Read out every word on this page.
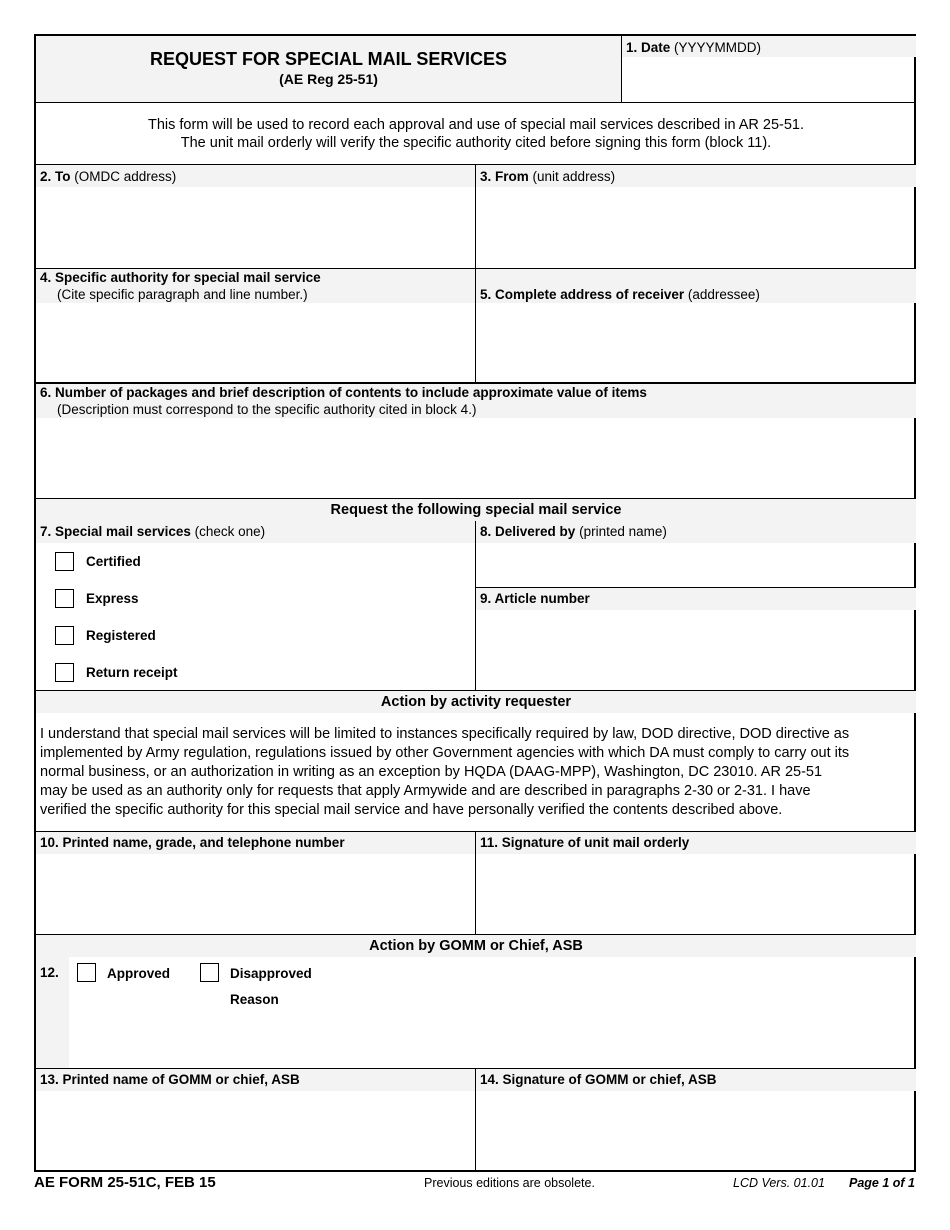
REQUEST FOR SPECIAL MAIL SERVICES
(AE Reg 25-51)
1. Date (YYYYMMDD)
This form will be used to record each approval and use of special mail services described in AR 25-51.
The unit mail orderly will verify the specific authority cited before signing this form (block 11).
2. To (OMDC address)	3. From (unit address)
4. Specific authority for special mail service
(Cite specific paragraph and line number.)	5. Complete address of receiver (addressee)
6. Number of packages and brief description of contents to include approximate value of items
(Description must correspond to the specific authority cited in block 4.)
Request the following special mail service
7. Special mail services (check one)
Certified
Express
Registered
Return receipt
8. Delivered by (printed name)
9. Article number
Action by activity requester
I understand that special mail services will be limited to instances specifically required by law, DOD directive, DOD directive as
implemented by Army regulation, regulations issued by other Government agencies with which DA must comply to carry out its
normal business, or an authorization in writing as an exception by HQDA (DAAG-MPP), Washington, DC 23010. AR 25-51
may be used as an authority only for requests that apply Armywide and are described in paragraphs 2-30 or 2-31. I have
verified the specific authority for this special mail service and have personally verified the contents described above.
10. Printed name, grade, and telephone number	11. Signature of unit mail orderly
Action by GOMM or Chief, ASB
12.	Approved	Disapproved
Reason
13. Printed name of GOMM or chief, ASB	14. Signature of GOMM or chief, ASB
AE FORM 25-51C, FEB 15	Previous editions are obsolete.	LCD Vers. 01.01 Page 1 of 1
